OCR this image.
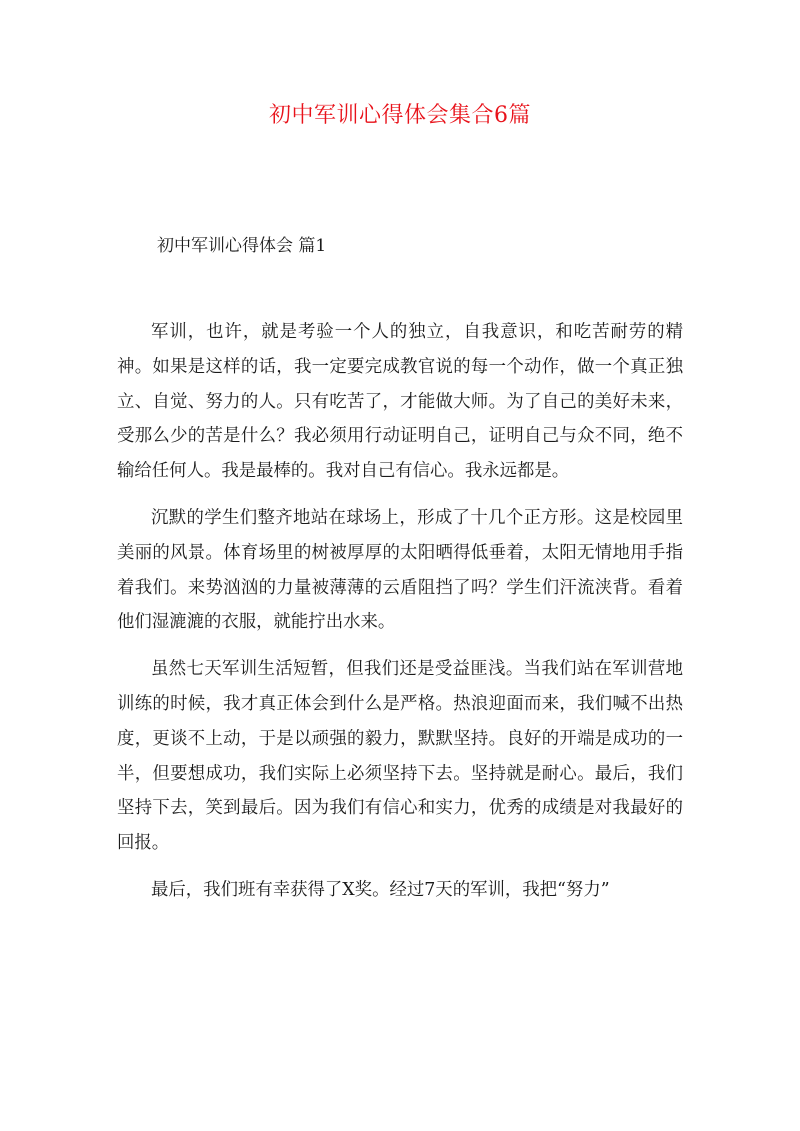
初中军训心得体会集合6篇
初中军训心得体会 篇1

军训，也许，就是考验一个人的独立，自我意识，和吃苦耐劳的精神。如果是这样的话，我一定要完成教官说的每一个动作，做一个真正独立、自觉、努力的人。只有吃苦了，才能做大师。为了自己的美好未来，受那么少的苦是什么？我必须用行动证明自己，证明自己与众不同，绝不输给任何人。我是最棒的。我对自己有信心。我永远都是。

沉默的学生们整齐地站在球场上，形成了十几个正方形。这是校园里美丽的风景。体育场里的树被厚厚的太阳晒得低垂着，太阳无情地用手指着我们。来势汹汹的力量被薄薄的云盾阻挡了吗？学生们汗流浃背。看着他们湿漉漉的衣服，就能拧出水来。

虽然七天军训生活短暂，但我们还是受益匪浅。当我们站在军训营地训练的时候，我才真正体会到什么是严格。热浪迎面而来，我们喊不出热度，更谈不上动，于是以顽强的毅力，默默坚持。良好的开端是成功的一半，但要想成功，我们实际上必须坚持下去。坚持就是耐心。最后，我们坚持下去，笑到最后。因为我们有信心和实力，优秀的成绩是对我最好的回报。

最后，我们班有幸获得了X奖。经过7天的军训，我把“努力”
